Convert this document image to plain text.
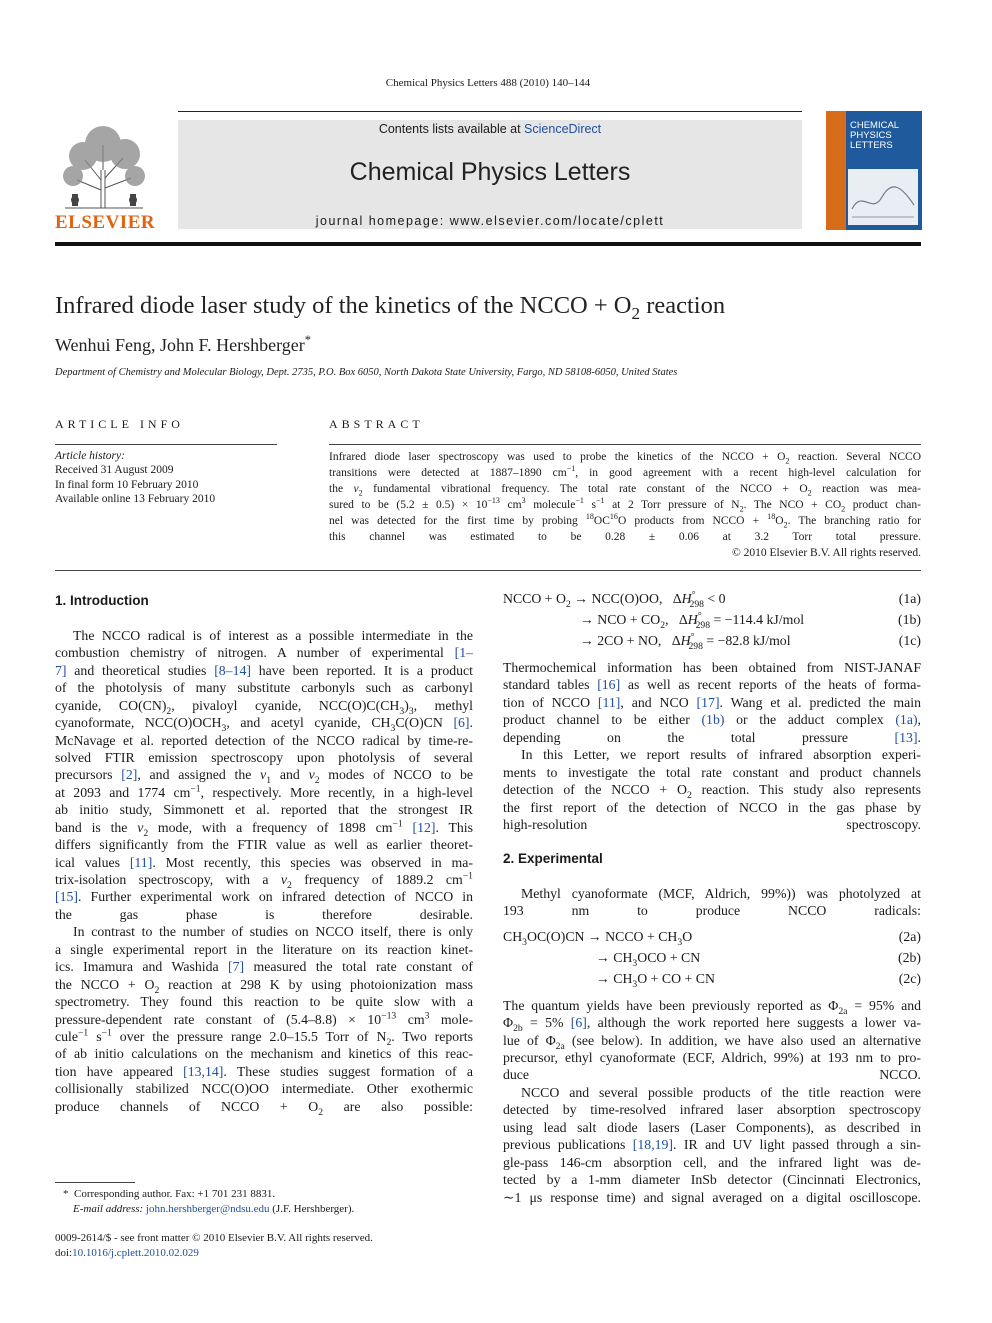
Chemical Physics Letters 488 (2010) 140–144
ELSEVIER
Contents lists available at ScienceDirect
Chemical Physics Letters
journal homepage: www.elsevier.com/locate/cplett
CHEMICAL
PHYSICS
LETTERS
Infrared diode laser study of the kinetics of the NCCO + $O_2$ reaction
Wenhui Feng, John F. Hershberger*
Department of Chemistry and Molecular Biology, Dept. 2735, P.O. Box 6050, North Dakota State University, Fargo, ND 58108-6050, United States
ARTICLE INFO
Article history:
Received 31 August 2009
In final form 10 February 2010
Available online 13 February 2010
ABSTRACT
Infrared diode laser spectroscopy was used to probe the kinetics of the NCCO + $O_2$ reaction. Several NCCO
transitions were detected at 1887–1890 $cm^{-1}$, in good agreement with a recent high-level calculation for
the $\nu_2$ fundamental vibrational frequency. The total rate constant of the NCCO + $O_2$ reaction was mea-
sured to be $(5.2 \pm 0.5) \times 10^{-13}$ $cm^3$ molecule$^{-1}$ $s^{-1}$ at 2 Torr pressure of $N_2$. The NCO + $CO_2$ product chan-
nel was detected for the first time by probing $^{18}$OC$^{16}$O products from NCCO + $^{18}O_2$. The branching ratio for
this channel was estimated to be 0.28 ± 0.06 at 3.2 Torr total pressure.
© 2010 Elsevier B.V. All rights reserved.
1. Introduction
The NCCO radical is of interest as a possible intermediate in the
combustion chemistry of nitrogen. A number of experimental [1–
7] and theoretical studies [8–14] have been reported. It is a product
of the photolysis of many substitute carbonyls such as carbonyl
cyanide, $CO(CN)_2$, pivaloyl cyanide, $NCC(O)C(CH_3)_3$, methyl
cyanoformate, $NCC(O)OCH_3$, and acetyl cyanide, $CH_3C(O)CN$ [6].
McNavage et al. reported detection of the NCCO radical by time-re-
solved FTIR emission spectroscopy upon photolysis of several
precursors [2], and assigned the $\nu_1$ and $\nu_2$ modes of NCCO to be
at 2093 and 1774 $cm^{-1}$, respectively. More recently, in a high-level
ab initio study, Simmonett et al. reported that the strongest IR
band is the $\nu_2$ mode, with a frequency of 1898 $cm^{-1}$ [12]. This
differs significantly from the FTIR value as well as earlier theoret-
ical values [11]. Most recently, this species was observed in ma-
trix-isolation spectroscopy, with a $\nu_2$ frequency of 1889.2 $cm^{-1}$
[15]. Further experimental work on infrared detection of NCCO in
the gas phase is therefore desirable.
In contrast to the number of studies on NCCO itself, there is only
a single experimental report in the literature on its reaction kinet-
ics. Imamura and Washida [7] measured the total rate constant of
the NCCO + $O_2$ reaction at 298 K by using photoionization mass
spectrometry. They found this reaction to be quite slow with a
pressure-dependent rate constant of $(5.4-8.8) \times 10^{-13}$ $cm^3$ mole-
cule$^{-1}$ $s^{-1}$ over the pressure range 2.0–15.5 Torr of $N_2$. Two reports
of ab initio calculations on the mechanism and kinetics of this reac-
tion have appeared [13,14]. These studies suggest formation of a
collisionally stabilized NCC(O)OO intermediate. Other exothermic
produce channels of NCCO + $O_2$ are also possible:
NCCO + $O_2 \to NCC(O)OO$,   $\Delta H^\circ_{298} < 0$	(1a)
→ NCO + $CO_2$,   $\Delta H^\circ_{298} = -114.4$ kJ/mol	(1b)
→ 2CO + NO,   $\Delta H^\circ_{298} = -82.8$ kJ/mol	(1c)
Thermochemical information has been obtained from NIST-JANAF
standard tables [16] as well as recent reports of the heats of forma-
tion of NCCO [11], and NCO [17]. Wang et al. predicted the main
product channel to be either (1b) or the adduct complex (1a),
depending on the total pressure [13].
In this Letter, we report results of infrared absorption experi-
ments to investigate the total rate constant and product channels
detection of the NCCO + $O_2$ reaction. This study also represents
the first report of the detection of NCCO in the gas phase by
high-resolution spectroscopy.
2. Experimental
Methyl cyanoformate (MCF, Aldrich, 99%)) was photolyzed at
193 nm to produce NCCO radicals:
$CH_3OC(O)CN$ → NCCO + $CH_3O$	(2a)
→ $CH_3OCO$ + CN	(2b)
→ $CH_3O$ + CO + CN	(2c)
The quantum yields have been previously reported as $\Phi_{2a} = 95\%$ and
$\Phi_{2b} = 5\%$ [6], although the work reported here suggests a lower va-
lue of $\Phi_{2a}$ (see below). In addition, we have also used an alternative
precursor, ethyl cyanoformate (ECF, Aldrich, 99%) at 193 nm to pro-
duce NCCO.
NCCO and several possible products of the title reaction were
detected by time-resolved infrared laser absorption spectroscopy
using lead salt diode lasers (Laser Components), as described in
previous publications [18,19]. IR and UV light passed through a sin-
gle-pass 146-cm absorption cell, and the infrared light was de-
tected by a 1-mm diameter InSb detector (Cincinnati Electronics,
∼1 μs response time) and signal averaged on a digital oscilloscope.
* Corresponding author. Fax: +1 701 231 8831.
E-mail address: john.hershberger@ndsu.edu (J.F. Hershberger).
0009-2614/$ - see front matter © 2010 Elsevier B.V. All rights reserved.
doi:10.1016/j.cplett.2010.02.029
